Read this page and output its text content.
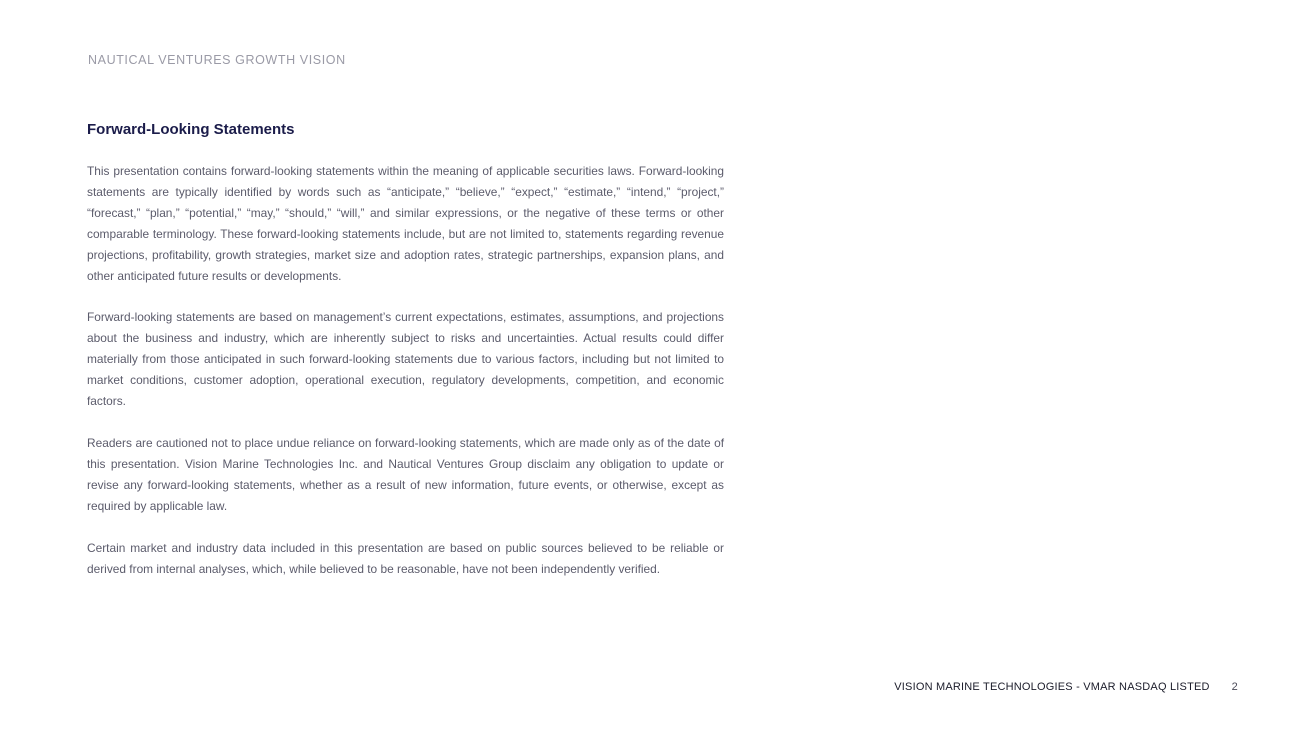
NAUTICAL VENTURES GROWTH VISION
Forward-Looking Statements

This presentation contains forward-looking statements within the meaning of applicable securities laws. Forward-looking statements are typically identified by words such as “anticipate,” “believe,” “expect,” “estimate,” “intend,” “project,” “forecast,” “plan,” “potential,” “may,” “should,” “will,” and similar expressions, or the negative of these terms or other comparable terminology. These forward-looking statements include, but are not limited to, statements regarding revenue projections, profitability, growth strategies, market size and adoption rates, strategic partnerships, expansion plans, and other anticipated future results or developments.

Forward-looking statements are based on management’s current expectations, estimates, assumptions, and projections about the business and industry, which are inherently subject to risks and uncertainties. Actual results could differ materially from those anticipated in such forward-looking statements due to various factors, including but not limited to market conditions, customer adoption, operational execution, regulatory developments, competition, and economic factors.

Readers are cautioned not to place undue reliance on forward-looking statements, which are made only as of the date of this presentation. Vision Marine Technologies Inc. and Nautical Ventures Group disclaim any obligation to update or revise any forward-looking statements, whether as a result of new information, future events, or otherwise, except as required by applicable law.

Certain market and industry data included in this presentation are based on public sources believed to be reliable or derived from internal analyses, which, while believed to be reasonable, have not been independently verified.

VISION MARINE TECHNOLOGIES - VMAR NASDAQ LISTED 2
